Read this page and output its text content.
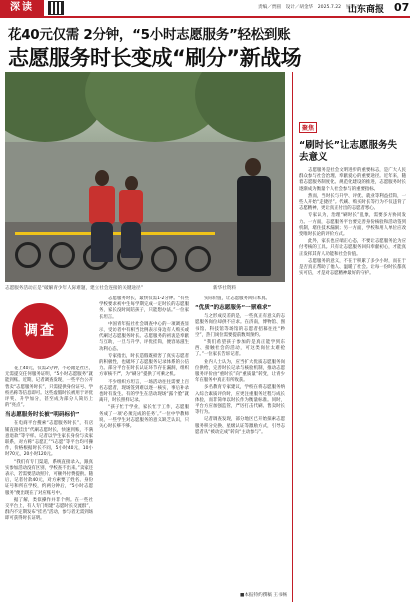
深读	责编／贾圆　设计／胡金华　2025.7.22　星期二
山东商报 07
花40元仅需 2分钟，“5小时志愿服务”轻松到账
志愿服务时长变成“刷分”新战场
志愿服务活动正是“破解青少年人际难题，建立社会连接的关键途径”	新华社资料
调查

花上40元，仅需2分钟，不必踏足社区，无需提交任何服务证明，“5小时志愿服务”就能到账。近期，记者调查发现，一些平台公开售卖“志愿服务时长”，只需提供身份证号、学校名称等信息即可。这些虚假时长被用于评优评奖、升学加分，甚至成为部分人简历上的“亮点”。

当志愿服务时长被“明码标价”

在电商平台搜索“志愿服务时长”，有店铺直接挂出“代刷志愿时长，快速到账，不满意退款”等字样。记者以学生家长身份与卖家联系，对方称“志愿汇”“i志愿”等平台均可操作，价格根据时长不同，5小时40元，10小时70元，20小时120元。

“我们有专门渠道，系统直接录入，跟真实参加活动没有区别，学校查不出来。”卖家还表示，若需要活动照片，可额外付费提供。随后，记者付款40元，对方索要了姓名、身份证号和所在学校，约两分钟后，“5小时志愿服务”便出现在了对应账号中。

据了解，类似操作并非个例。在一些社交平台上，有人专门组建“志愿时长交流群”，群内不定期发布“挂名”活动，参与者无需到场即可获得时长证明。

志愿服务时长，最快仅需1-2分钟。“有些学校要求初中生每学期完成一定时长的志愿服务，家长没时间陪孩子，只能想办法。”一位家长坦言。

中国青年报社社会调查中心的一项调查显示，受访者中有相当比例表示身边有人购买或代刷过志愿服务时长。志愿服务的初衷是奉献与互助，一旦与升学、评优挂钩，便容易滋生功利心态。

专家指出，时长造假既损害了真实志愿者的积极性，也破坏了志愿服务记录体系的公信力。部分平台在时长认证环节存在漏洞，组织方审核不严，为“刷分”提供了可乘之机。

不少组织方坦言，一场活动往往需要上百名志愿者，现场签到难以逐一核实，事后补录也时有发生。有的学生在活动现场“露个脸”就离开，时长照样记录。

“孩子忙于学业，家长忙于工作，志愿服务成了一项‘必须完成的任务’。”一位中学教师说，一些学生对志愿服务的意义缺乏认识，只关心时长够不够。

实际价值，让志愿服务回归本真。

“优质”的志愿服务“一票难求”

与之形成反差的是，一些真正有意义的志愿服务岗位却供不应求。在济南，博物馆、图书馆、科技馆等场馆的志愿者招募往往“秒空”，热门岗位需要提前数周预约。

“我们希望孩子参加的是真正能学到东西、接触社会的活动，可这类岗位太难抢了。”一位家长告诉记者。

业内人士认为，应当扩大优质志愿服务岗位供给，完善时长记录与核验机制，推动志愿服务评价由“重时长”向“重质量”转变，让青少年在服务中真正有所收获。

多名教育专家建议，学校在将志愿服务纳入综合素质评价时，应更注重服务过程与成长体验，而非简单以时长作为衡量标准。同时，平台方应加强监管，严厉打击代刷、售卖时长等行为。

记者调查发现，部分地区已开始探索志愿服务积分兑换、星级认证等激励方式，引导志愿者从“被动完成”转向“主动参与”。

聚焦
“刷时长”让志愿服务失去意义

志愿服务是社会文明进步的重要标志，是广大人民群众参与社会治理、奉献爱心的重要途径。近年来，随着志愿服务制度化、规范化建设的推进，志愿服务时长逐渐成为衡量个人社会参与的重要指标。

然而，当时长与升学、评优、就业等利益挂钩，一些人开始“走捷径”。代刷、购买时长等行为不仅违背了志愿精神，更让真正付出的志愿者寒心。

专家认为，治理“刷时长”乱象，需要多方协同发力。一方面，志愿服务平台要完善身份核验和活动签到机制，堵住技术漏洞；另一方面，学校和用人单位应改变唯时长论的评价方式。

此外，家长也应端正心态，不要让志愿服务沦为应付考核的工具。只有让志愿服务回归奉献初心，才能真正发挥其育人功能和社会价值。

志愿服务的意义，不在于积累了多少小时，而在于是否真正帮助了他人、温暖了社会。让每一份时长都真实可信，才是对志愿精神最好的守护。

■本报特约撰稿 王书畅
